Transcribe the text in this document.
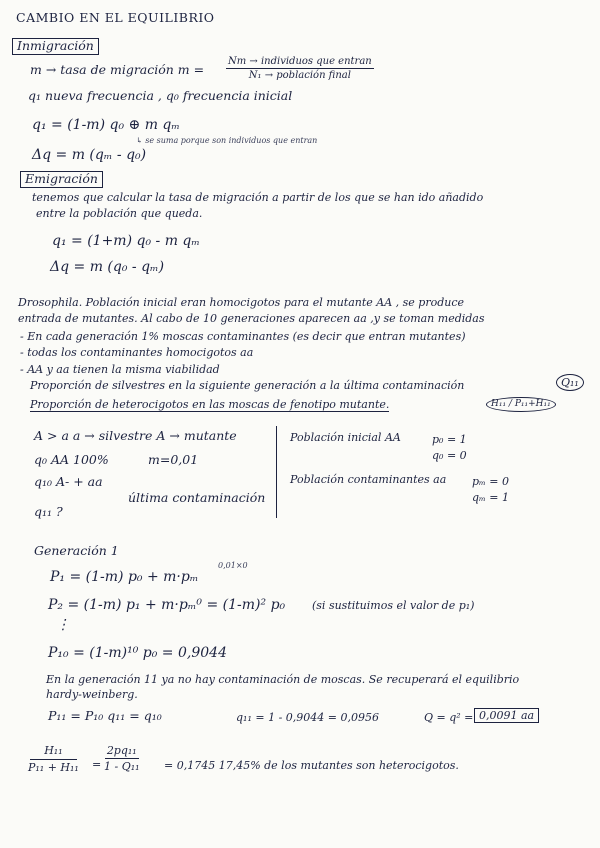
CAMBIO EN EL EQUILIBRIO
Inmigración
m → tasa de migración m =
Nm → individuos que entran
N₁ → población final
q₁ nueva frecuencia , q₀ frecuencia inicial
q₁ = (1-m) q₀ ⊕ m qₘ
↳ se suma porque son individuos que entran
Δq = m (qₘ - q₀)
Emigración
tenemos que calcular la tasa de migración a partir de los que se han ido añadido
entre la población que queda.
q₁ = (1+m) q₀ - m qₘ
Δq = m (q₀ - qₘ)
Drosophila. Población inicial eran homocigotos para el mutante AA , se produce
entrada de mutantes. Al cabo de 10 generaciones aparecen aa ,y se toman medidas
- En cada generación 1% moscas contaminantes (es decir que entran mutantes)
- todas los contaminantes homocigotos aa
- AA y aa tienen la misma viabilidad
Proporción de silvestres en la siguiente generación a la última contaminación	Q₁₁
Proporción de heterocigotos en las moscas de fenotipo mutante.	H₁₁ / P₁₁+H₁₁
A > a a → silvestre A → mutante
q₀ AA 100%	m=0,01
q₁₀ A- + aa
última contaminación
q₁₁ ?
Población inicial AA	p₀ = 1
q₀ = 0
Población contaminantes aa pₘ = 0
qₘ = 1
Generación 1
P₁ = (1-m) p₀ + m·pₘ
0,01×0
P₂ = (1-m) p₁ + m·pₘ⁰ = (1-m)² p₀ (si sustituimos el valor de p₁)
⋮
P₁₀ = (1-m)¹⁰ p₀ = 0,9044
En la generación 11 ya no hay contaminación de moscas. Se recuperará el equilibrio
hardy-weinberg.
P₁₁ = P₁₀ q₁₁ = q₁₀	q₁₁ = 1 - 0,9044 = 0,0956	Q = q² = 0,0091 aa
$\frac{\text{H₁₁}}{\text{P₁₁ + H₁₁}} = \frac{\text{2pq₁₁}}{\text{1 - Q₁₁}} = 0,1745$ 17,45% de los mutantes son heterocigotos.
